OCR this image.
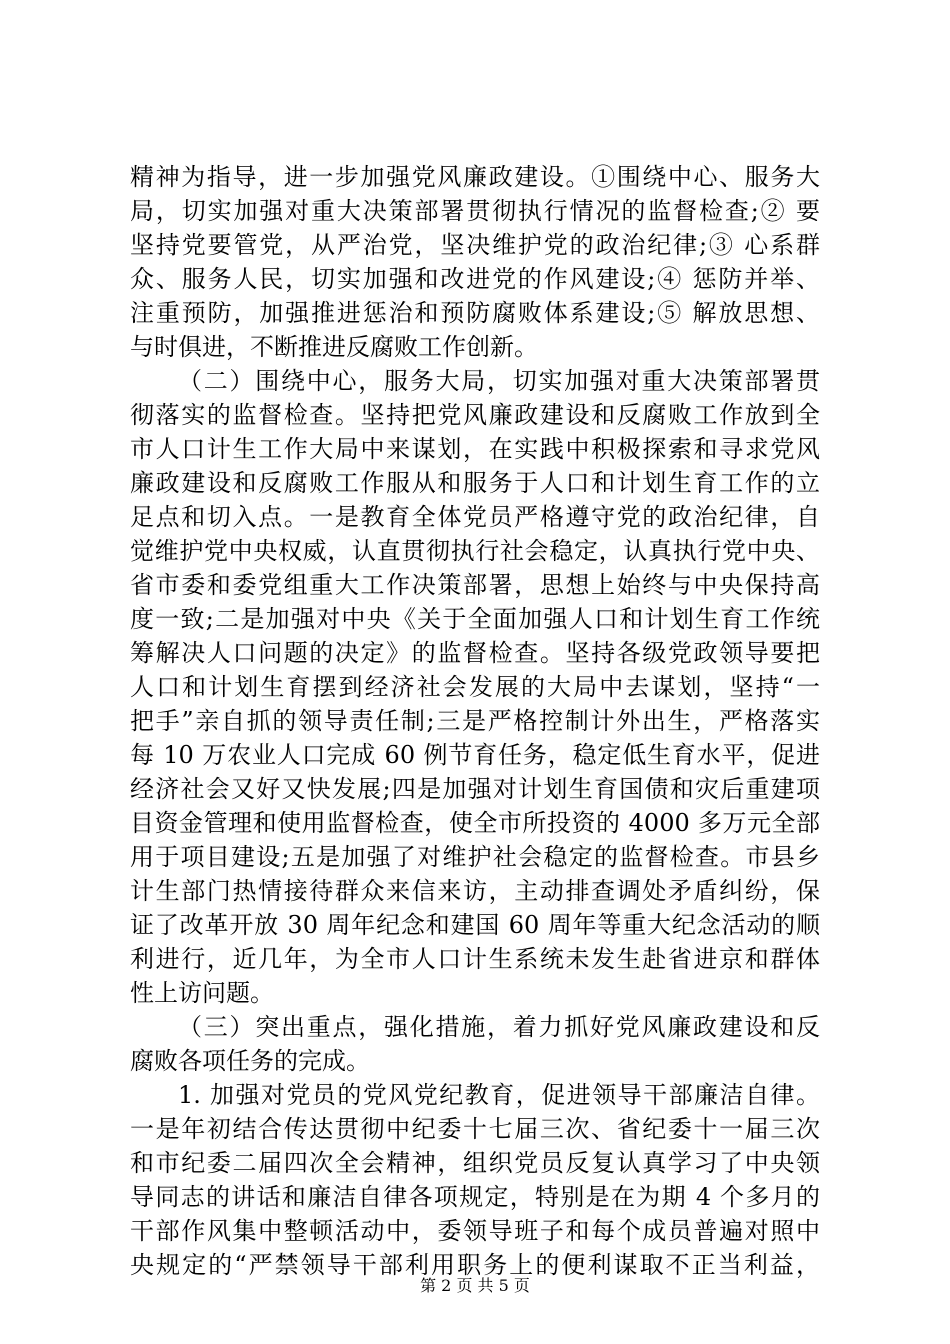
精神为指导，进一步加强党风廉政建设。①围绕中心、服务大
局，切实加强对重大决策部署贯彻执行情况的监督检查;② 要
坚持党要管党，从严治党，坚决维护党的政治纪律;③ 心系群
众、服务人民，切实加强和改进党的作风建设;④ 惩防并举、
注重预防，加强推进惩治和预防腐败体系建设;⑤ 解放思想、
与时俱进，不断推进反腐败工作创新。
（二）围绕中心，服务大局，切实加强对重大决策部署贯
彻落实的监督检查。坚持把党风廉政建设和反腐败工作放到全
市人口计生工作大局中来谋划，在实践中积极探索和寻求党风
廉政建设和反腐败工作服从和服务于人口和计划生育工作的立
足点和切入点。一是教育全体党员严格遵守党的政治纪律，自
觉维护党中央权威，认直贯彻执行社会稳定，认真执行党中央、
省市委和委党组重大工作决策部署，思想上始终与中央保持高
度一致;二是加强对中央《关于全面加强人口和计划生育工作统
筹解决人口问题的决定》的监督检查。坚持各级党政领导要把
人口和计划生育摆到经济社会发展的大局中去谋划，坚持“一
把手”亲自抓的领导责任制;三是严格控制计外出生，严格落实
每 10 万农业人口完成 60 例节育任务，稳定低生育水平，促进
经济社会又好又快发展;四是加强对计划生育国债和灾后重建项
目资金管理和使用监督检查，使全市所投资的 4000 多万元全部
用于项目建设;五是加强了对维护社会稳定的监督检查。市县乡
计生部门热情接待群众来信来访，主动排查调处矛盾纠纷，保
证了改革开放 30 周年纪念和建国 60 周年等重大纪念活动的顺
利进行，近几年，为全市人口计生系统未发生赴省进京和群体
性上访问题。
（三）突出重点，强化措施，着力抓好党风廉政建设和反
腐败各项任务的完成。
1. 加强对党员的党风党纪教育，促进领导干部廉洁自律。
一是年初结合传达贯彻中纪委十七届三次、省纪委十一届三次
和市纪委二届四次全会精神，组织党员反复认真学习了中央领
导同志的讲话和廉洁自律各项规定，特别是在为期 4 个多月的
干部作风集中整顿活动中，委领导班子和每个成员普遍对照中
央规定的“严禁领导干部利用职务上的便利谋取不正当利益，
第 2 页 共 5 页
